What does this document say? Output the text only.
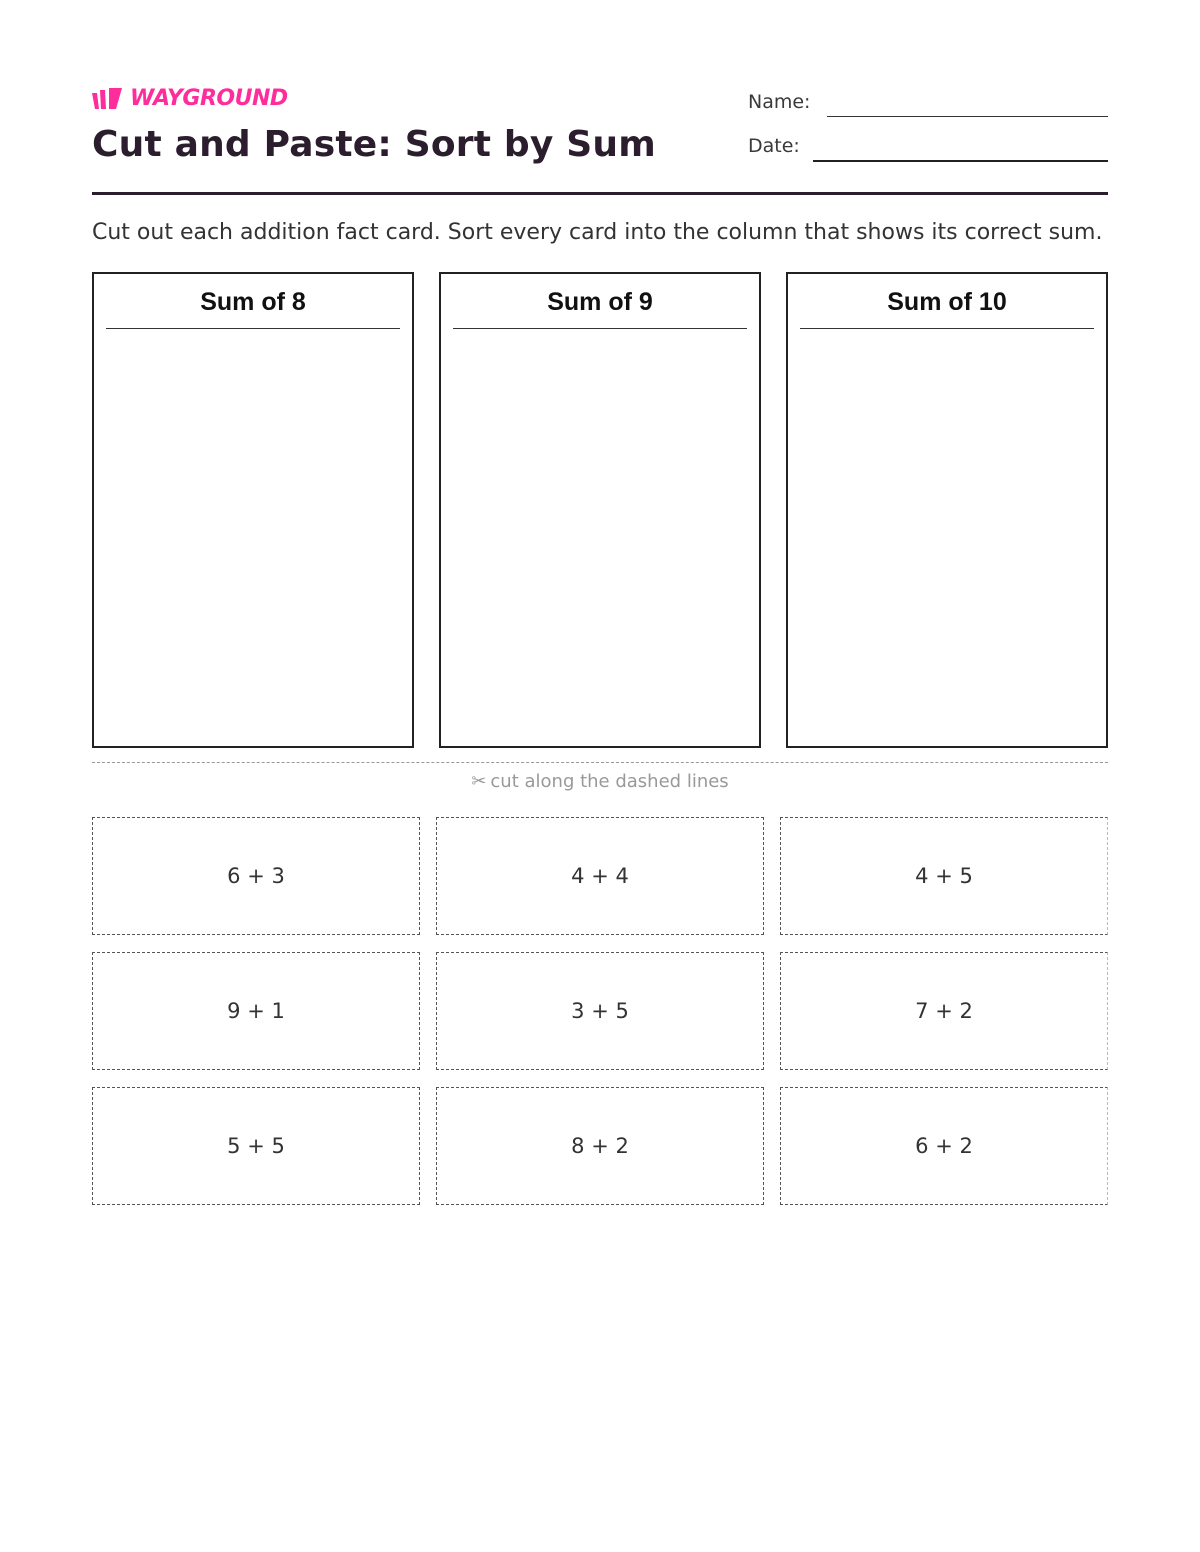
WAYGROUND
Cut and Paste: Sort by Sum
Name:
Date:
Cut out each addition fact card. Sort every card into the column that shows its correct sum.
Sum of 8	Sum of 9	Sum of 10
✂ cut along the dashed lines
6 + 3	4 + 4	4 + 5
9 + 1	3 + 5	7 + 2
5 + 5	8 + 2	6 + 2
